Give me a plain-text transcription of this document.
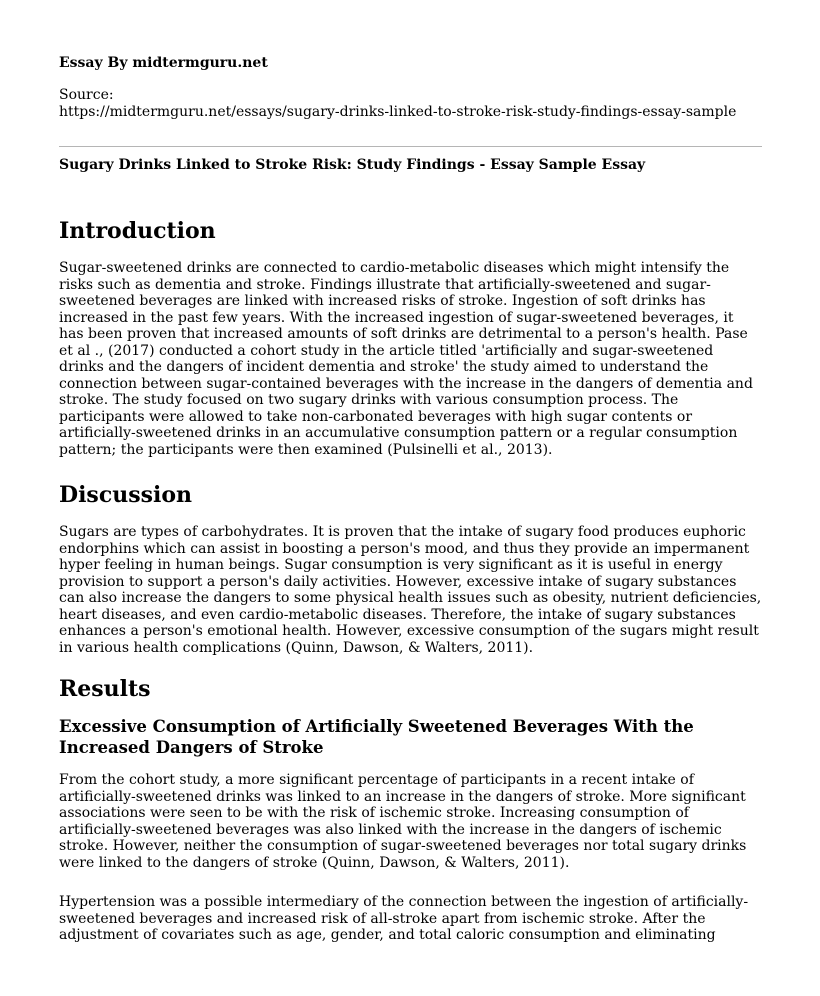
Essay By midtermguru.net
Source:
https://midtermguru.net/essays/sugary-drinks-linked-to-stroke-risk-study-findings-essay-sample
Sugary Drinks Linked to Stroke Risk: Study Findings - Essay Sample Essay
Introduction

Sugar-sweetened drinks are connected to cardio-metabolic diseases which might intensify the risks such as dementia and stroke. Findings illustrate that artificially-sweetened and sugar-sweetened beverages are linked with increased risks of stroke. Ingestion of soft drinks has increased in the past few years. With the increased ingestion of sugar-sweetened beverages, it has been proven that increased amounts of soft drinks are detrimental to a person's health. Pase et al ., (2017) conducted a cohort study in the article titled 'artificially and sugar-sweetened drinks and the dangers of incident dementia and stroke' the study aimed to understand the connection between sugar-contained beverages with the increase in the dangers of dementia and stroke. The study focused on two sugary drinks with various consumption process. The participants were allowed to take non-carbonated beverages with high sugar contents or artificially-sweetened drinks in an accumulative consumption pattern or a regular consumption pattern; the participants were then examined (Pulsinelli et al., 2013).

Discussion

Sugars are types of carbohydrates. It is proven that the intake of sugary food produces euphoric endorphins which can assist in boosting a person's mood, and thus they provide an impermanent hyper feeling in human beings. Sugar consumption is very significant as it is useful in energy provision to support a person's daily activities. However, excessive intake of sugary substances can also increase the dangers to some physical health issues such as obesity, nutrient deficiencies, heart diseases, and even cardio-metabolic diseases. Therefore, the intake of sugary substances enhances a person's emotional health. However, excessive consumption of the sugars might result in various health complications (Quinn, Dawson, & Walters, 2011).

Results
Excessive Consumption of Artificially Sweetened Beverages With the Increased Dangers of Stroke

From the cohort study, a more significant percentage of participants in a recent intake of artificially-sweetened drinks was linked to an increase in the dangers of stroke. More significant associations were seen to be with the risk of ischemic stroke. Increasing consumption of artificially-sweetened beverages was also linked with the increase in the dangers of ischemic stroke. However, neither the consumption of sugar-sweetened beverages nor total sugary drinks were linked to the dangers of stroke (Quinn, Dawson, & Walters, 2011).

Hypertension was a possible intermediary of the connection between the ingestion of artificially-sweetened beverages and increased risk of all-stroke apart from ischemic stroke. After the adjustment of covariates such as age, gender, and total caloric consumption and eliminating
